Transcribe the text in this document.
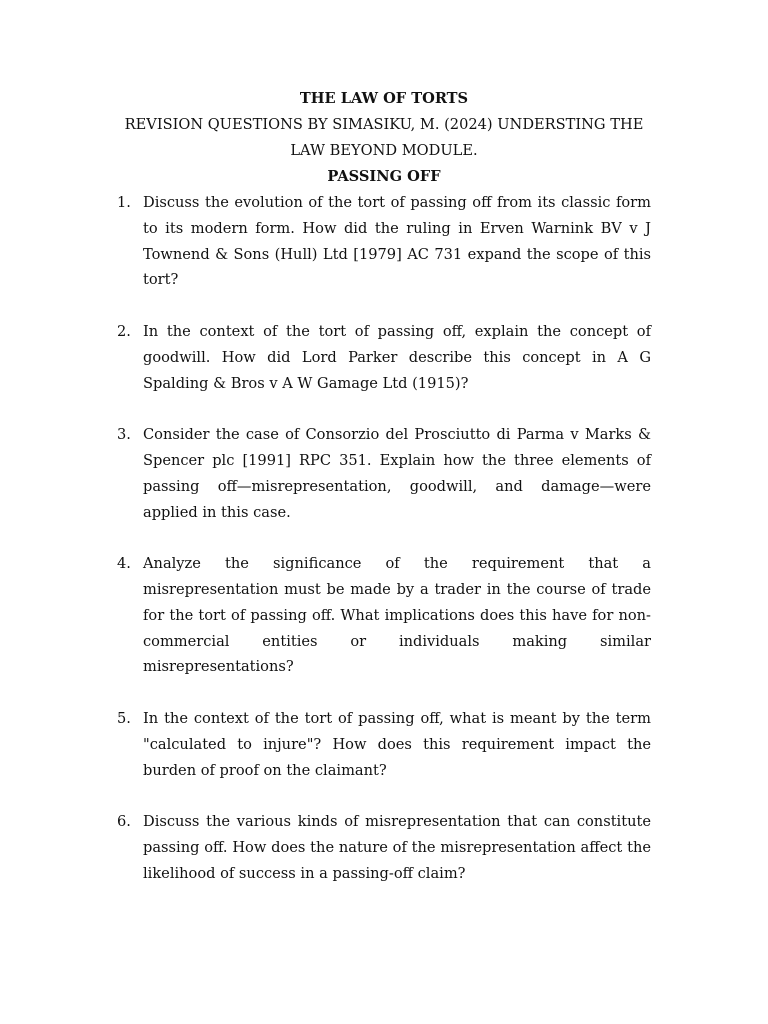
THE LAW OF TORTS

REVISION QUESTIONS BY SIMASIKU, M. (2024) UNDERSTING THE LAW BEYOND MODULE.

PASSING OFF

1. Discuss the evolution of the tort of passing off from its classic form to its modern form. How did the ruling in Erven Warnink BV v J Townend & Sons (Hull) Ltd [1979] AC 731 expand the scope of this tort?
2. In the context of the tort of passing off, explain the concept of goodwill. How did Lord Parker describe this concept in A G Spalding & Bros v A W Gamage Ltd (1915)?
3. Consider the case of Consorzio del Prosciutto di Parma v Marks & Spencer plc [1991] RPC 351. Explain how the three elements of passing off—misrepresentation, goodwill, and damage—were applied in this case.
4. Analyze the significance of the requirement that a misrepresentation must be made by a trader in the course of trade for the tort of passing off. What implications does this have for non-commercial entities or individuals making similar misrepresentations?
5. In the context of the tort of passing off, what is meant by the term "calculated to injure"? How does this requirement impact the burden of proof on the claimant?
6. Discuss the various kinds of misrepresentation that can constitute passing off. How does the nature of the misrepresentation affect the likelihood of success in a passing-off claim?
